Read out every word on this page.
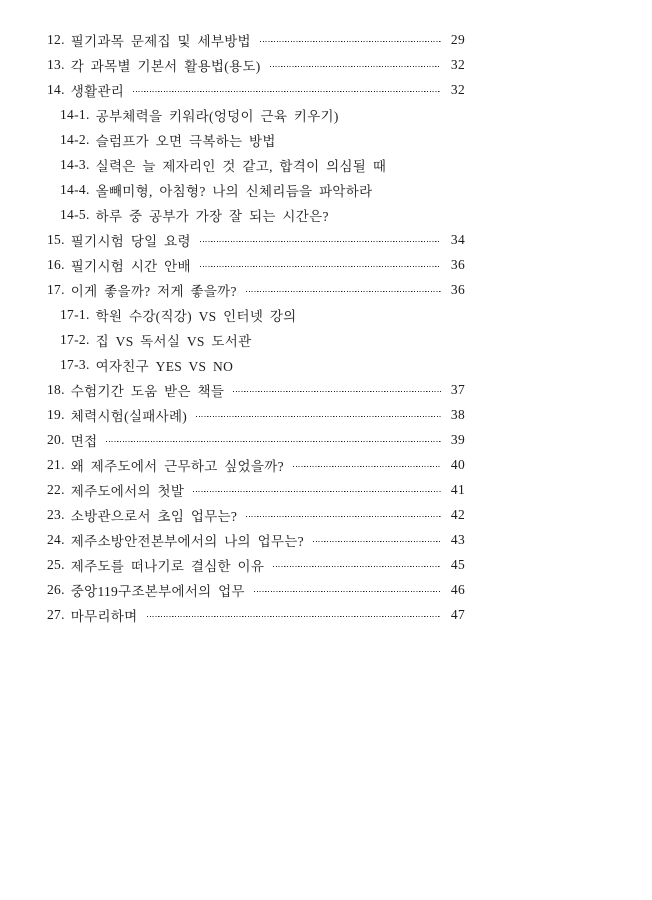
12. 필기과목 문제집 및 세부방법	29
13. 각 과목별 기본서 활용법(용도)	32
14. 생활관리	32
14-1. 공부체력을 키워라(엉덩이 근육 키우기)
14-2. 슬럼프가 오면 극복하는 방법
14-3. 실력은 늘 제자리인 것 같고, 합격이 의심될 때
14-4. 올빼미형, 아침형? 나의 신체리듬을 파악하라
14-5. 하루 중 공부가 가장 잘 되는 시간은?
15. 필기시험 당일 요령	34
16. 필기시험 시간 안배	36
17. 이게 좋을까? 저게 좋을까?	36
17-1. 학원 수강(직강) VS 인터넷 강의
17-2. 집 VS 독서실 VS 도서관
17-3. 여자친구 YES VS NO
18. 수험기간 도움 받은 책들	37
19. 체력시험(실패사례)	38
20. 면접	39
21. 왜 제주도에서 근무하고 싶었을까?	40
22. 제주도에서의 첫발	41
23. 소방관으로서 초임 업무는?	42
24. 제주소방안전본부에서의 나의 업무는?	43
25. 제주도를 떠나기로 결심한 이유	45
26. 중앙119구조본부에서의 업무	46
27. 마무리하며	47
